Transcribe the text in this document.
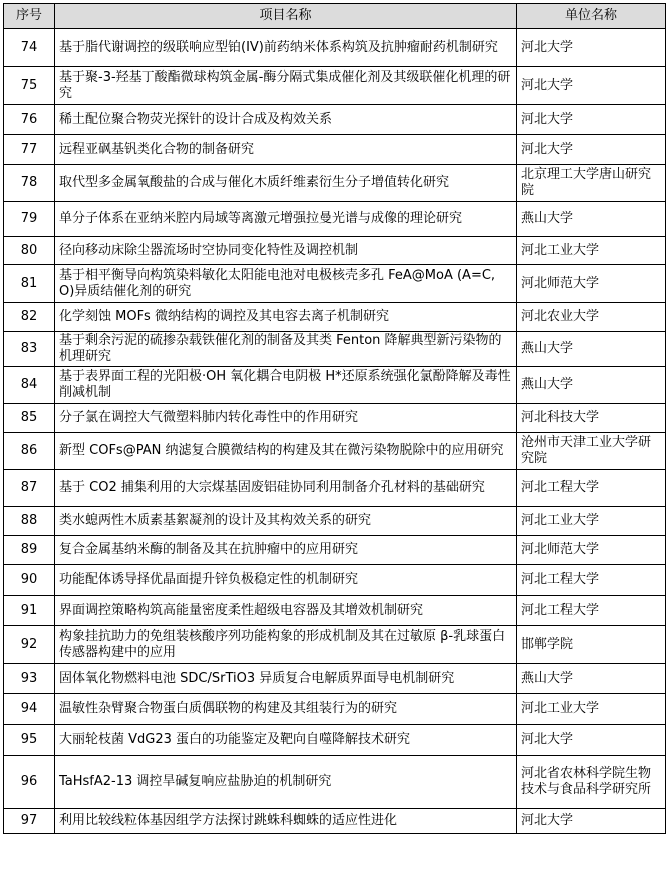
序号	项目名称	单位名称
74	基于脂代谢调控的级联响应型铂(IV)前药纳米体系构筑及抗肿瘤耐药机制研究	河北大学
75	基于聚-3-羟基丁酸酯微球构筑金属-酶分隔式集成催化剂及其级联催化机理的研究	河北大学
76	稀土配位聚合物荧光探针的设计合成及构效关系	河北大学
77	远程亚砜基钒类化合物的制备研究	河北大学
78	取代型多金属氧酸盐的合成与催化木质纤维素衍生分子增值转化研究	北京理工大学唐山研究院
79	单分子体系在亚纳米腔内局域等离激元增强拉曼光谱与成像的理论研究	燕山大学
80	径向移动床除尘器流场时空协同变化特性及调控机制	河北工业大学
81	基于相平衡导向构筑染料敏化太阳能电池对电极核壳多孔 FeA@MoA (A=C, O)异质结催化剂的研究	河北师范大学
82	化学刻蚀 MOFs 微纳结构的调控及其电容去离子机制研究	河北农业大学
83	基于剩余污泥的硫掺杂载铁催化剂的制备及其类 Fenton 降解典型新污染物的机理研究	燕山大学
84	基于表界面工程的光阳极·OH 氧化耦合电阴极 H*还原系统强化氯酚降解及毒性削减机制	燕山大学
85	分子氯在调控大气微塑料肺内转化毒性中的作用研究	河北科技大学
86	新型 COFs@PAN 纳滤复合膜微结构的构建及其在微污染物脱除中的应用研究	沧州市天津工业大学研究院
87	基于 CO2 捕集利用的大宗煤基固废铝硅协同利用制备介孔材料的基础研究	河北工程大学
88	类水螅两性木质素基絮凝剂的设计及其构效关系的研究	河北工业大学
89	复合金属基纳米酶的制备及其在抗肿瘤中的应用研究	河北师范大学
90	功能配体诱导择优晶面提升锌负极稳定性的机制研究	河北工程大学
91	界面调控策略构筑高能量密度柔性超级电容器及其增效机制研究	河北工程大学
92	构象挂抗助力的免组装核酸序列功能构象的形成机制及其在过敏原 β-乳球蛋白传感器构建中的应用	邯郸学院
93	固体氧化物燃料电池 SDC/SrTiO3 异质复合电解质界面导电机制研究	燕山大学
94	温敏性杂臂聚合物蛋白质偶联物的构建及其组装行为的研究	河北工业大学
95	大丽轮枝菌 VdG23 蛋白的功能鉴定及靶向自噬降解技术研究	河北大学
96	TaHsfA2-13 调控旱碱复响应盐胁迫的机制研究	河北省农林科学院生物技术与食品科学研究所
97	利用比较线粒体基因组学方法探讨跳蛛科蜘蛛的适应性进化	河北大学
